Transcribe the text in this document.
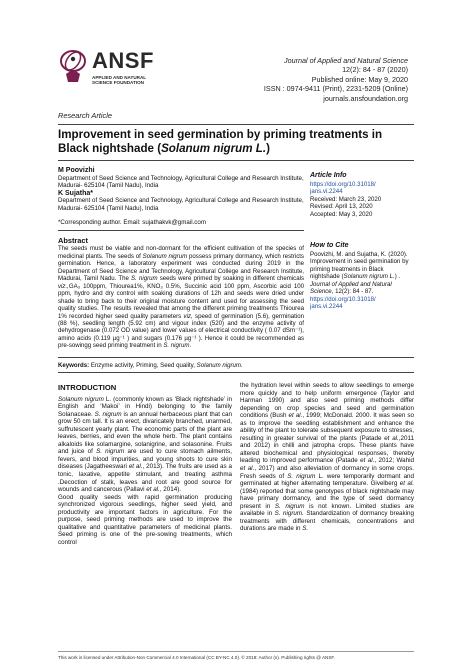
ANSF
APPLIED AND NATURAL
SCIENCE FOUNDATION
Journal of Applied and Natural Science
12(2): 84 - 87 (2020)
Published online: May 9, 2020
ISSN : 0974-9411 (Print), 2231-5209 (Online)
journals.ansfoundation.org
Research Article
Improvement in seed germination by priming treatments in Black nightshade (Solanum nigrum L.)
M Poovizhi
Department of Seed Science and Technology, Agricultural College and Research Institute, Madurai- 625104 (Tamil Nadu), India
K Sujatha*
Department of Seed Science and Technology, Agricultural College and Research Institute, Madurai- 625104 (Tamil Nadu), India
*Corresponding author. Email: sujathakvk@gmail.com
Article Info
https://doi.org/10.31018/
jans.vi.2244
Received: March 23, 2020
Revised: April 13, 2020
Accepted: May 3, 2020
Abstract

The seeds must be viable and non-dormant for the efficient cultivation of the species of medicinal plants. The seeds of Solanum nigrum possess primary dormancy, which restricts germination. Hence, a laboratory experiment was conducted during 2019 in the Department of Seed Science and Technology, Agricultural College and Research Institute, Madurai, Tamil Nadu. The S. nigrum seeds were primed by soaking in different chemicals viz.,GA₃ 100ppm, Thiourea1%, KNO₃ 0.5%, Succinic acid 100 ppm, Ascorbic acid 100 ppm, hydro and dry control with soaking durations of 12h and seeds were dried under shade to bring back to their original moisture content and used for assessing the seed quality studies. The results revealed that among the different priming treatments Thiourea 1% recorded higher seed quality parameters viz, speed of germination (5.6), germination (88 %), seedling length (5.92 cm) and vigour index (520) and the enzyme activity of dehydrogenase (0.072 OD value) and lower values of electrical conductivity ( 0.07 dSm⁻¹), amino acids (0.119 µg⁻¹ ) and sugars (0.176 µg⁻¹ ). Hence it could be recommended as pre-sowingg seed priming treatment in S. nigrum.

How to Cite

Poovizhi, M. and Sujatha, K. (2020). Improvement in seed germination by priming treatments in Black nightshade (Solanum nigrum L.) . Journal of Applied and Natural Science, 12(2): 84 - 87.

https://doi.org/10.31018/
jans.vi.2244
Keywords: Enzyme activity, Priming, Seed quality, Solanum nigrum.
INTRODUCTION

Solanum nigrum L. (commonly known as ‘Black nightshade’ in English and ‘Makoi’ in Hindi) belonging to the family Solanaceae. S. nigrum is an annual herbaceous plant that can grow 50 cm tall. It is an erect, divaricately branched, unarmed, suffrutescent yearly plant. The economic parts of the plant are leaves, berries, and even the whole herb. The plant contains alkaloids like solamargine, solanigrine, and solasonine. Fruits and juice of S. nigrum are used to cure stomach ailments, fevers, and blood impurities, and young shoots to cure skin diseases (Jagatheeswari et al., 2013). The fruits are used as a tonic, laxative, appetite stimulant, and treating asthma .Decoction of stalk, leaves and root are good source for wounds and cancerous (Pallavi et al., 2014).

Good quality seeds with rapid germination producing synchronized vigorous seedlings, higher seed yield, and productivity are important factors in agriculture. For the purpose, seed priming methods are used to improve the qualitative and quantitative parameters of medicinal plants. Seed priming is one of the pre-sowing treatments, which control

the hydration level within seeds to allow seedlings to emerge more quickly and to help uniform emergence (Taylor and Harman 1990) and also seed priming methods differ depending on crop species and seed and germination conditions (Bush et al., 1999; McDonald. 2000. It was seen so as to improve the seedling establishment and enhance the ability of the plant to tolerate subsequent exposure to stresses, resulting in greater survival of the plants (Patade et al.,2011 and 2012) in chilli and jatropha crops. These plants have altered biochemical and physiological responses, thereby leading to improved performance (Patade et al., 2012; Wahid et al., 2017) and also alleviation of dormancy in some crops. Fresh seeds of S. nigrum L. were temporarily dormant and germinated at higher alternating temperature. Givelberg et al. (1984) reported that some genotypes of black nightshade may have primary dormancy, and the type of seed dormancy present in S. nigrum is not known. Limited studies are available in S. nigrum. Standardization of dormancy breaking treatments with different chemicals, concentrations and durations are made in S.

This work is licensed under Attribution-Non Commercial 4.0 International (CC BY-NC 4.0). © 2018: Author (s). Publishing rights @ ANSF.
